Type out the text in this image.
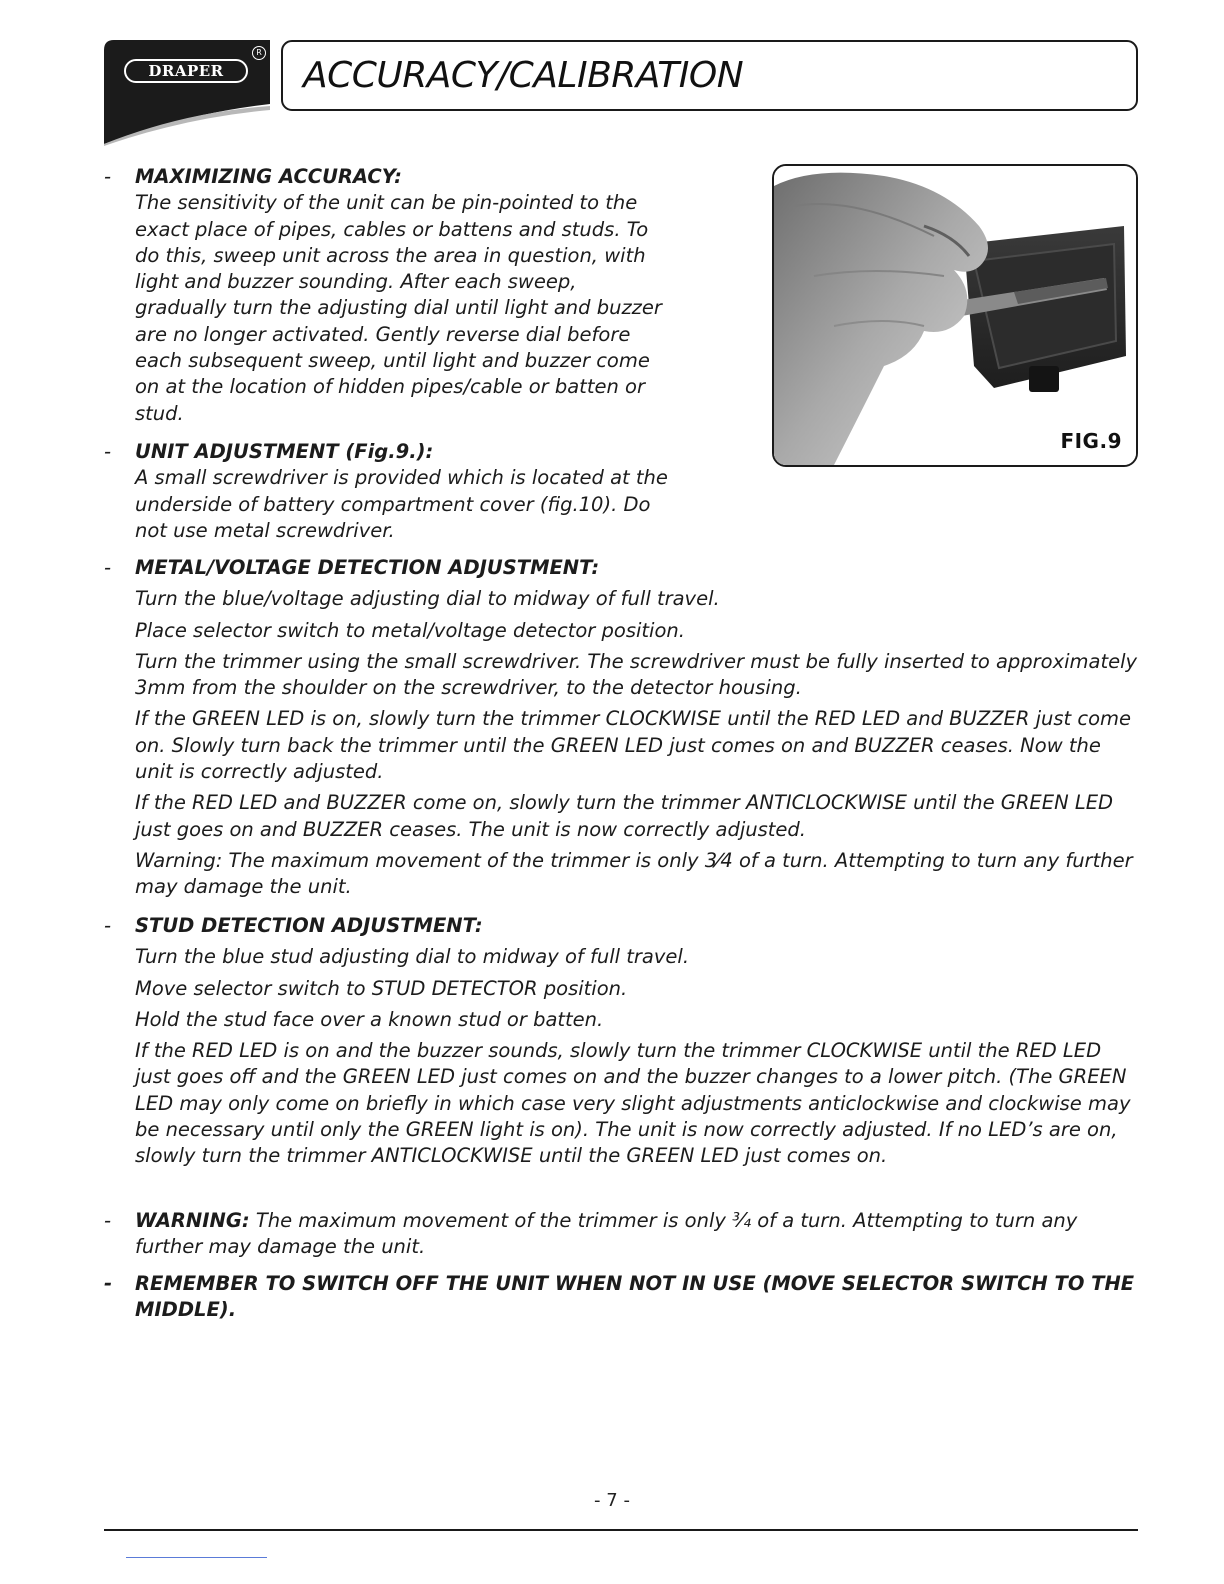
DRAPER
R
ACCURACY/CALIBRATION
FIG.9
- MAXIMIZING ACCURACY:
The sensitivity of the unit can be pin-pointed to the
exact place of pipes, cables or battens and studs. To
do this, sweep unit across the area in question, with
light and buzzer sounding. After each sweep,
gradually turn the adjusting dial until light and buzzer
are no longer activated. Gently reverse dial before
each subsequent sweep, until light and buzzer come
on at the location of hidden pipes/cable or batten or
stud.
- UNIT ADJUSTMENT (Fig.9.):
A small screwdriver is provided which is located at the
underside of battery compartment cover (fig.10). Do
not use metal screwdriver.
- METAL/VOLTAGE DETECTION ADJUSTMENT:
Turn the blue/voltage adjusting dial to midway of full travel.
Place selector switch to metal/voltage detector position.
Turn the trimmer using the small screwdriver. The screwdriver must be fully inserted to approximately 3mm from the shoulder on the screwdriver, to the detector housing.
If the GREEN LED is on, slowly turn the trimmer CLOCKWISE until the RED LED and BUZZER just come on. Slowly turn back the trimmer until the GREEN LED just comes on and BUZZER ceases. Now the unit is correctly adjusted.
If the RED LED and BUZZER come on, slowly turn the trimmer ANTICLOCKWISE until the GREEN LED just goes on and BUZZER ceases. The unit is now correctly adjusted.
Warning: The maximum movement of the trimmer is only 3⁄4 of a turn. Attempting to turn any further may damage the unit.
- STUD DETECTION ADJUSTMENT:
Turn the blue stud adjusting dial to midway of full travel.
Move selector switch to STUD DETECTOR position.
Hold the stud face over a known stud or batten.
If the RED LED is on and the buzzer sounds, slowly turn the trimmer CLOCKWISE until the RED LED just goes off and the GREEN LED just comes on and the buzzer changes to a lower pitch. (The GREEN LED may only come on briefly in which case very slight adjustments anticlockwise and clockwise may be necessary until only the GREEN light is on). The unit is now correctly adjusted. If no LED’s are on, slowly turn the trimmer ANTICLOCKWISE until the GREEN LED just comes on.
- WARNING: The maximum movement of the trimmer is only ¾ of a turn. Attempting to turn any further may damage the unit.
- REMEMBER TO SWITCH OFF THE UNIT WHEN NOT IN USE (MOVE SELECTOR SWITCH TO THE MIDDLE).
- 7 -
